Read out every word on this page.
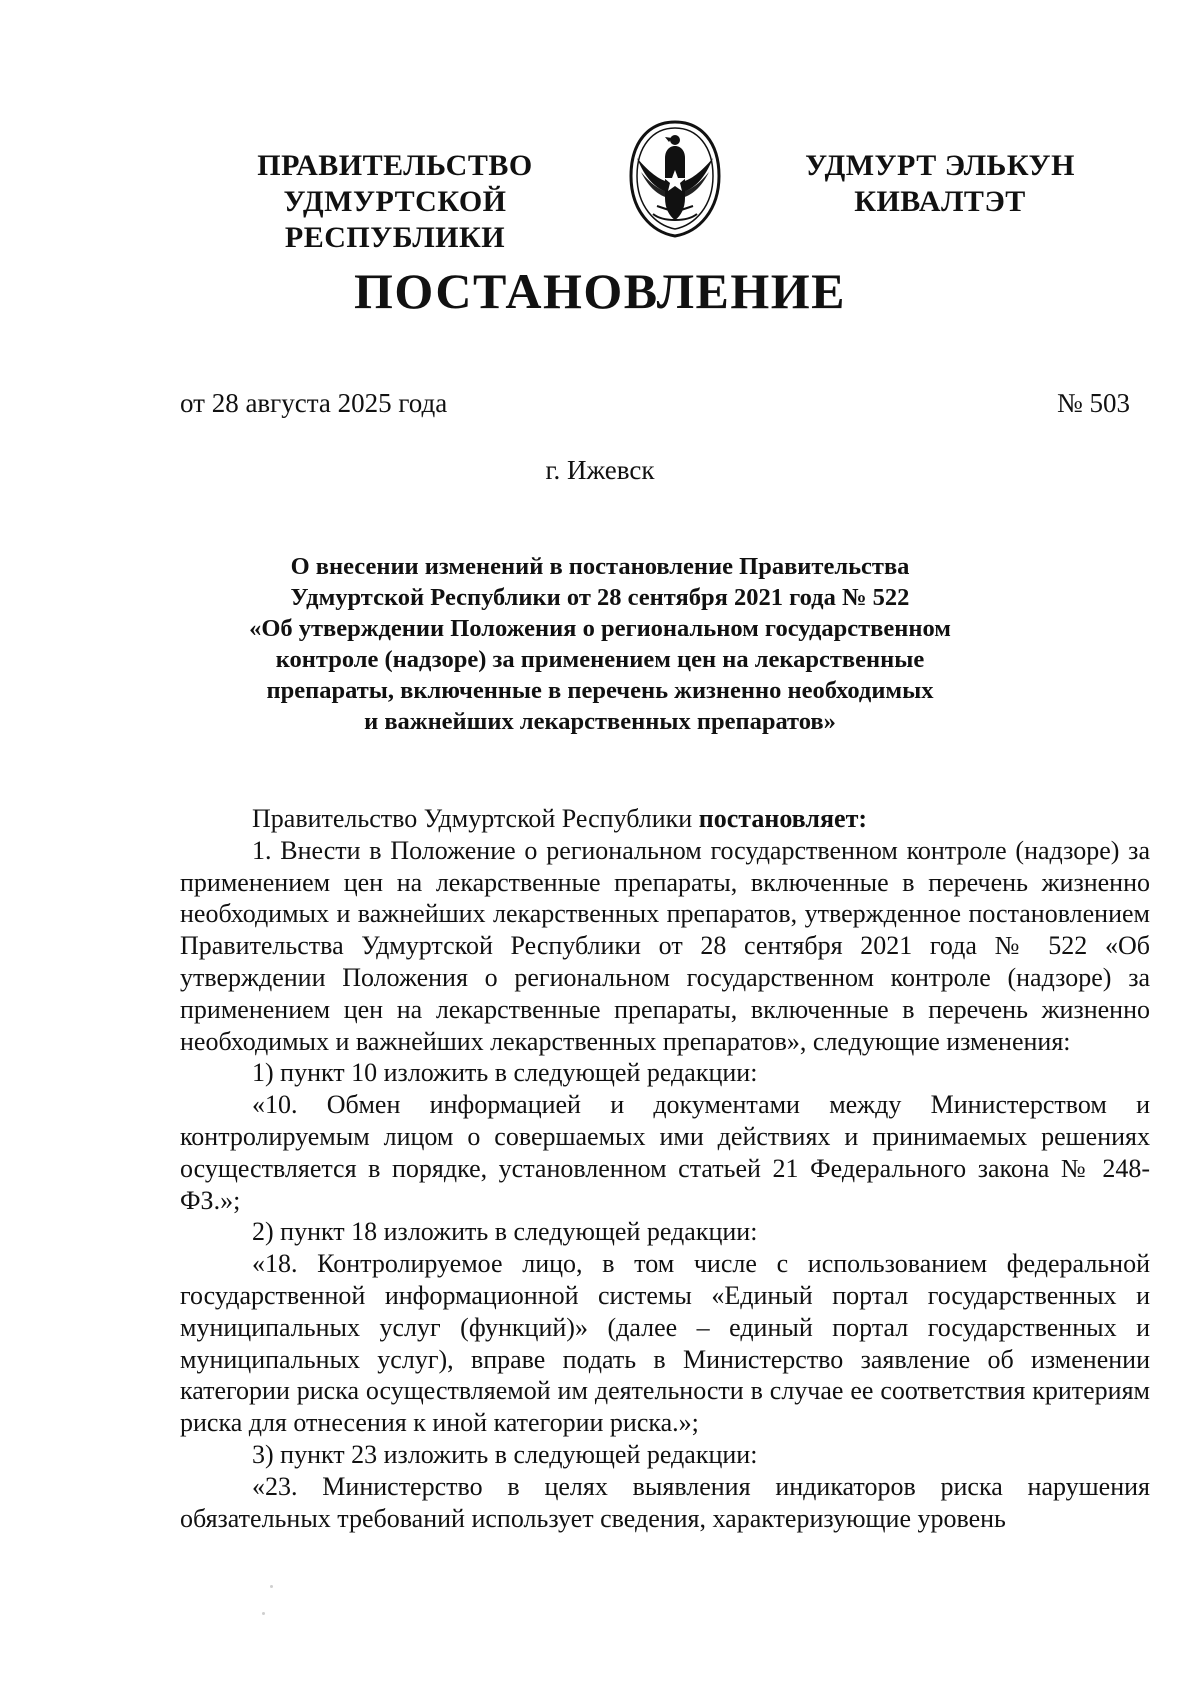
ПРАВИТЕЛЬСТВО
УДМУРТСКОЙ РЕСПУБЛИКИ
УДМУРТ ЭЛЬКУН
КИВАЛТЭТ
ПОСТАНОВЛЕНИЕ
от 28 августа 2025 года	№ 503
г. Ижевск
О внесении изменений в постановление Правительства
Удмуртской Республики от 28 сентября 2021 года № 522
«Об утверждении Положения о региональном государственном
контроле (надзоре) за применением цен на лекарственные
препараты, включенные в перечень жизненно необходимых
и важнейших лекарственных препаратов»

Правительство Удмуртской Республики постановляет:

1. Внести в Положение о региональном государственном контроле (надзоре) за применением цен на лекарственные препараты, включенные в перечень жизненно необходимых и важнейших лекарственных препаратов, утвержденное постановлением Правительства Удмуртской Республики от 28 сентября 2021 года № 522 «Об утверждении Положения о региональном государственном контроле (надзоре) за применением цен на лекарственные препараты, включенные в перечень жизненно необходимых и важнейших лекарственных препаратов», следующие изменения:

1) пункт 10 изложить в следующей редакции:

«10. Обмен информацией и документами между Министерством и контролируемым лицом о совершаемых ими действиях и принимаемых решениях осуществляется в порядке, установленном статьей 21 Федерального закона № 248-ФЗ.»;

2) пункт 18 изложить в следующей редакции:

«18. Контролируемое лицо, в том числе с использованием федеральной государственной информационной системы «Единый портал государственных и муниципальных услуг (функций)» (далее – единый портал государственных и муниципальных услуг), вправе подать в Министерство заявление об изменении категории риска осуществляемой им деятельности в случае ее соответствия критериям риска для отнесения к иной категории риска.»;

3) пункт 23 изложить в следующей редакции:

«23. Министерство в целях выявления индикаторов риска нарушения обязательных требований использует сведения, характеризующие уровень
